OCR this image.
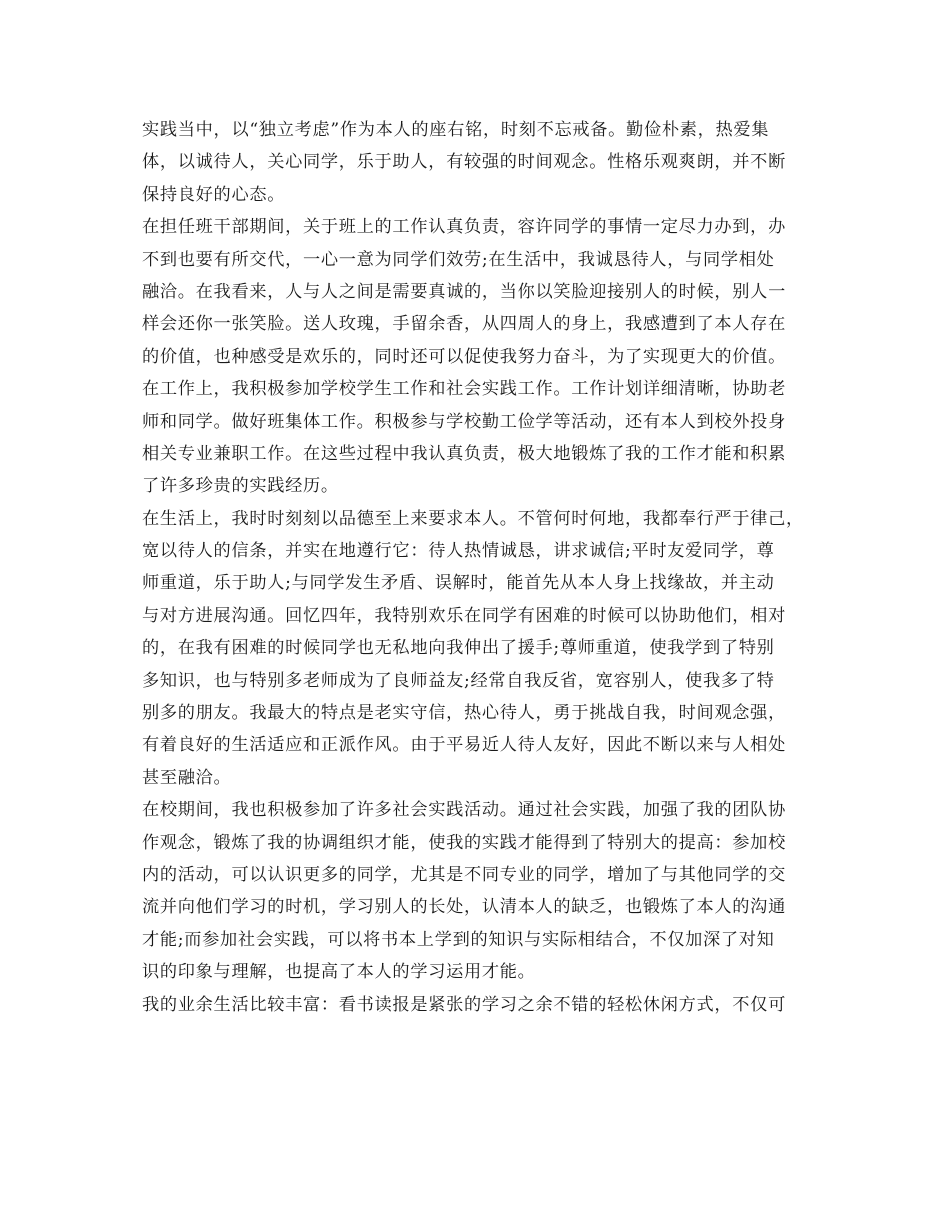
实践当中，以“独立考虑”作为本人的座右铭，时刻不忘戒备。勤俭朴素，热爱集
体，以诚待人，关心同学，乐于助人，有较强的时间观念。性格乐观爽朗，并不断
保持良好的心态。
在担任班干部期间，关于班上的工作认真负责，容许同学的事情一定尽力办到，办
不到也要有所交代，一心一意为同学们效劳;在生活中，我诚恳待人，与同学相处
融洽。在我看来，人与人之间是需要真诚的，当你以笑脸迎接别人的时候，别人一
样会还你一张笑脸。送人玫瑰，手留余香，从四周人的身上，我感遭到了本人存在
的价值，也种感受是欢乐的，同时还可以促使我努力奋斗，为了实现更大的价值。
在工作上，我积极参加学校学生工作和社会实践工作。工作计划详细清晰，协助老
师和同学。做好班集体工作。积极参与学校勤工俭学等活动，还有本人到校外投身
相关专业兼职工作。在这些过程中我认真负责，极大地锻炼了我的工作才能和积累
了许多珍贵的实践经历。
在生活上，我时时刻刻以品德至上来要求本人。不管何时何地，我都奉行严于律己，
宽以待人的信条，并实在地遵行它：待人热情诚恳，讲求诚信;平时友爱同学，尊
师重道，乐于助人;与同学发生矛盾、误解时，能首先从本人身上找缘故，并主动
与对方进展沟通。回忆四年，我特别欢乐在同学有困难的时候可以协助他们，相对
的，在我有困难的时候同学也无私地向我伸出了援手;尊师重道，使我学到了特别
多知识，也与特别多老师成为了良师益友;经常自我反省，宽容别人，使我多了特
别多的朋友。我最大的特点是老实守信，热心待人，勇于挑战自我，时间观念强，
有着良好的生活适应和正派作风。由于平易近人待人友好，因此不断以来与人相处
甚至融洽。
在校期间，我也积极参加了许多社会实践活动。通过社会实践，加强了我的团队协
作观念，锻炼了我的协调组织才能，使我的实践才能得到了特别大的提高：参加校
内的活动，可以认识更多的同学，尤其是不同专业的同学，增加了与其他同学的交
流并向他们学习的时机，学习别人的长处，认清本人的缺乏，也锻炼了本人的沟通
才能;而参加社会实践，可以将书本上学到的知识与实际相结合，不仅加深了对知
识的印象与理解，也提高了本人的学习运用才能。
我的业余生活比较丰富：看书读报是紧张的学习之余不错的轻松休闲方式，不仅可
